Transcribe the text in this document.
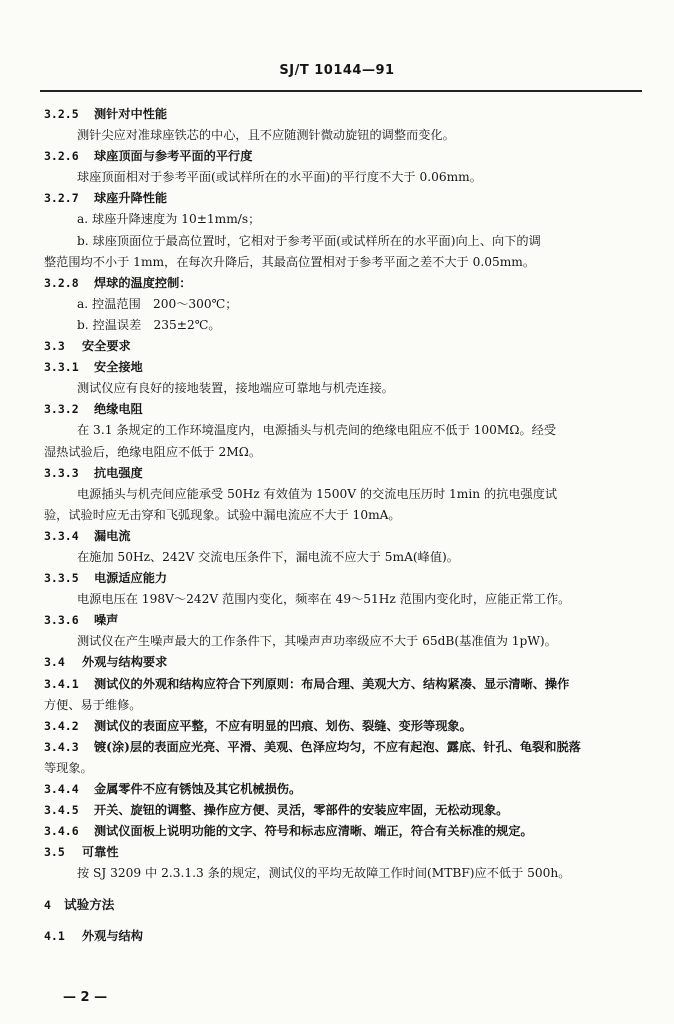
SJ/T 10144—91
3.2.5 测针对中性能
测针尖应对准球座铁芯的中心，且不应随测针微动旋钮的调整而变化。
3.2.6 球座顶面与参考平面的平行度
球座顶面相对于参考平面(或试样所在的水平面)的平行度不大于 0.06mm。
3.2.7 球座升降性能
a. 球座升降速度为 10±1mm/s；
b. 球座顶面位于最高位置时，它相对于参考平面(或试样所在的水平面)向上、向下的调
整范围均不小于 1mm，在每次升降后，其最高位置相对于参考平面之差不大于 0.05mm。
3.2.8 焊球的温度控制：
a. 控温范围　200～300℃；
b. 控温误差　235±2℃。
3.3 安全要求
3.3.1 安全接地
测试仪应有良好的接地装置，接地端应可靠地与机壳连接。
3.3.2 绝缘电阻
在 3.1 条规定的工作环境温度内，电源插头与机壳间的绝缘电阻应不低于 100MΩ。经受
湿热试验后，绝缘电阻应不低于 2MΩ。
3.3.3 抗电强度
电源插头与机壳间应能承受 50Hz 有效值为 1500V 的交流电压历时 1min 的抗电强度试
验，试验时应无击穿和飞弧现象。试验中漏电流应不大于 10mA。
3.3.4 漏电流
在施加 50Hz、242V 交流电压条件下，漏电流不应大于 5mA(峰值)。
3.3.5 电源适应能力
电源电压在 198V～242V 范围内变化，频率在 49～51Hz 范围内变化时，应能正常工作。
3.3.6 噪声
测试仪在产生噪声最大的工作条件下，其噪声声功率级应不大于 65dB(基准值为 1pW)。
3.4 外观与结构要求
3.4.1 测试仪的外观和结构应符合下列原则：布局合理、美观大方、结构紧凑、显示清晰、操作
方便、易于维修。
3.4.2 测试仪的表面应平整，不应有明显的凹痕、划伤、裂缝、变形等现象。
3.4.3 镀(涂)层的表面应光亮、平滑、美观、色泽应均匀，不应有起泡、露底、针孔、龟裂和脱落
等现象。
3.4.4 金属零件不应有锈蚀及其它机械损伤。
3.4.5 开关、旋钮的调整、操作应方便、灵活，零部件的安装应牢固，无松动现象。
3.4.6 测试仪面板上说明功能的文字、符号和标志应清晰、端正，符合有关标准的规定。
3.5 可靠性
按 SJ 3209 中 2.3.1.3 条的规定，测试仪的平均无故障工作时间(MTBF)应不低于 500h。
4 试验方法
4.1 外观与结构
— 2 —
